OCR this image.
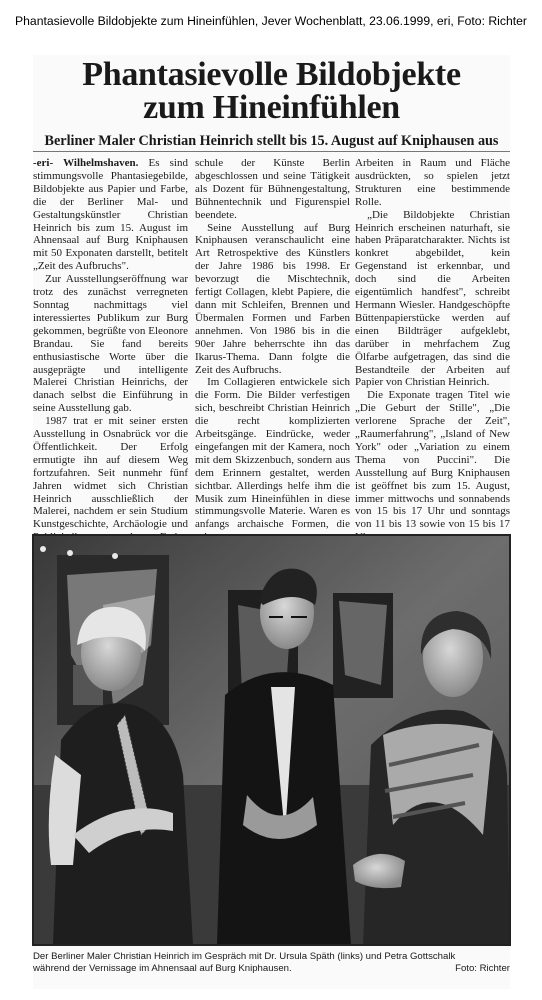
Phantasievolle Bildobjekte zum Hineinfühlen, Jever Wochenblatt, 23.06.1999, eri, Foto: Richter
Phantasievolle Bildobjekte
zum Hineinfühlen
Berliner Maler Christian Heinrich stellt bis 15. August auf Kniphausen aus

-eri- Wilhelmshaven. Es sind stimmungsvolle Phantasiegebilde, Bildobjekte aus Papier und Farbe, die der Berliner Mal- und Gestaltungskünstler Christian Heinrich bis zum 15. August im Ahnensaal auf Burg Kniphausen mit 50 Exponaten darstellt, betitelt „Zeit des Aufbruchs".

Zur Ausstellungseröffnung war trotz des zunächst verregneten Sonntag nachmittags viel interessiertes Publikum zur Burg gekommen, begrüßte von Eleonore Brandau. Sie fand bereits enthusiastische Worte über die ausgeprägte und intelligente Malerei Christian Heinrichs, der danach selbst die Einführung in seine Ausstellung gab.

1987 trat er mit seiner ersten Ausstellung in Osnabrück vor die Öffentlichkeit. Der Erfolg ermutigte ihn auf diesem Weg fortzufahren. Seit nunmehr fünf Jahren widmet sich Christian Heinrich ausschließlich der Malerei, nachdem er sein Studium Kunstgeschichte, Archäologie und

schule der Künste Berlin abgeschlossen und seine Tätigkeit als Dozent für Bühnengestaltung, Bühnentechnik und Figurenspiel beendete.

Seine Ausstellung auf Burg Kniphausen veranschaulicht eine Art Retrospektive des Künstlers der Jahre 1986 bis 1998. Er bevorzugt die Mischtechnik, fertigt Collagen, klebt Papiere, die dann mit Schleifen, Brennen und Übermalen Formen und Farben annehmen. Von 1986 bis in die 90er Jahre beherrschte ihn das Ikarus-Thema. Dann folgte die Zeit des Aufbruchs.

Im Collagieren entwickele sich die Form. Die Bilder verfestigen sich, beschreibt Christian Heinrich die recht komplizierten Arbeitsgänge. Eindrücke, weder eingefangen mit der Kamera, noch mit dem Skizzenbuch, sondern aus dem Erinnern gestaltet, werden sichtbar. Allerdings helfe ihm die Musik zum Hineinfühlen in diese stimmungsvolle Materie. Waren es anfangs archaische Formen, die

Arbeiten in Raum und Fläche ausdrückten, so spielen jetzt Strukturen eine bestimmende Rolle.

„Die Bildobjekte Christian Heinrich erscheinen naturhaft, sie haben Präparatcharakter. Nichts ist konkret abgebildet, kein Gegenstand ist erkennbar, und doch sind die Arbeiten eigentümlich handfest", schreibt Hermann Wiesler. Handgeschöpfte Büttenpapierstücke werden auf einen Bildträger aufgeklebt, darüber in mehrfachem Zug Ölfarbe aufgetragen, das sind die Bestandteile der Arbeiten auf Papier von Christian Heinrich.

Die Exponate tragen Titel wie „Die Geburt der Stille", „Die verlorene Sprache der Zeit", „Raumerfahrung", „Island of New York" oder „Variation zu einem Thema von Puccini". Die Ausstellung auf Burg Kniphausen ist geöffnet bis zum 15. August, immer mittwochs und sonnabends von 15 bis 17 Uhr und sonntags von 11 bis 13 sowie von 15 bis 17

Der Berliner Maler Christian Heinrich im Gespräch mit Dr. Ursula Späth (links) und Petra Gottschalk
während der Vernissage im Ahnensaal auf Burg Kniphausen.	Foto: Richter
